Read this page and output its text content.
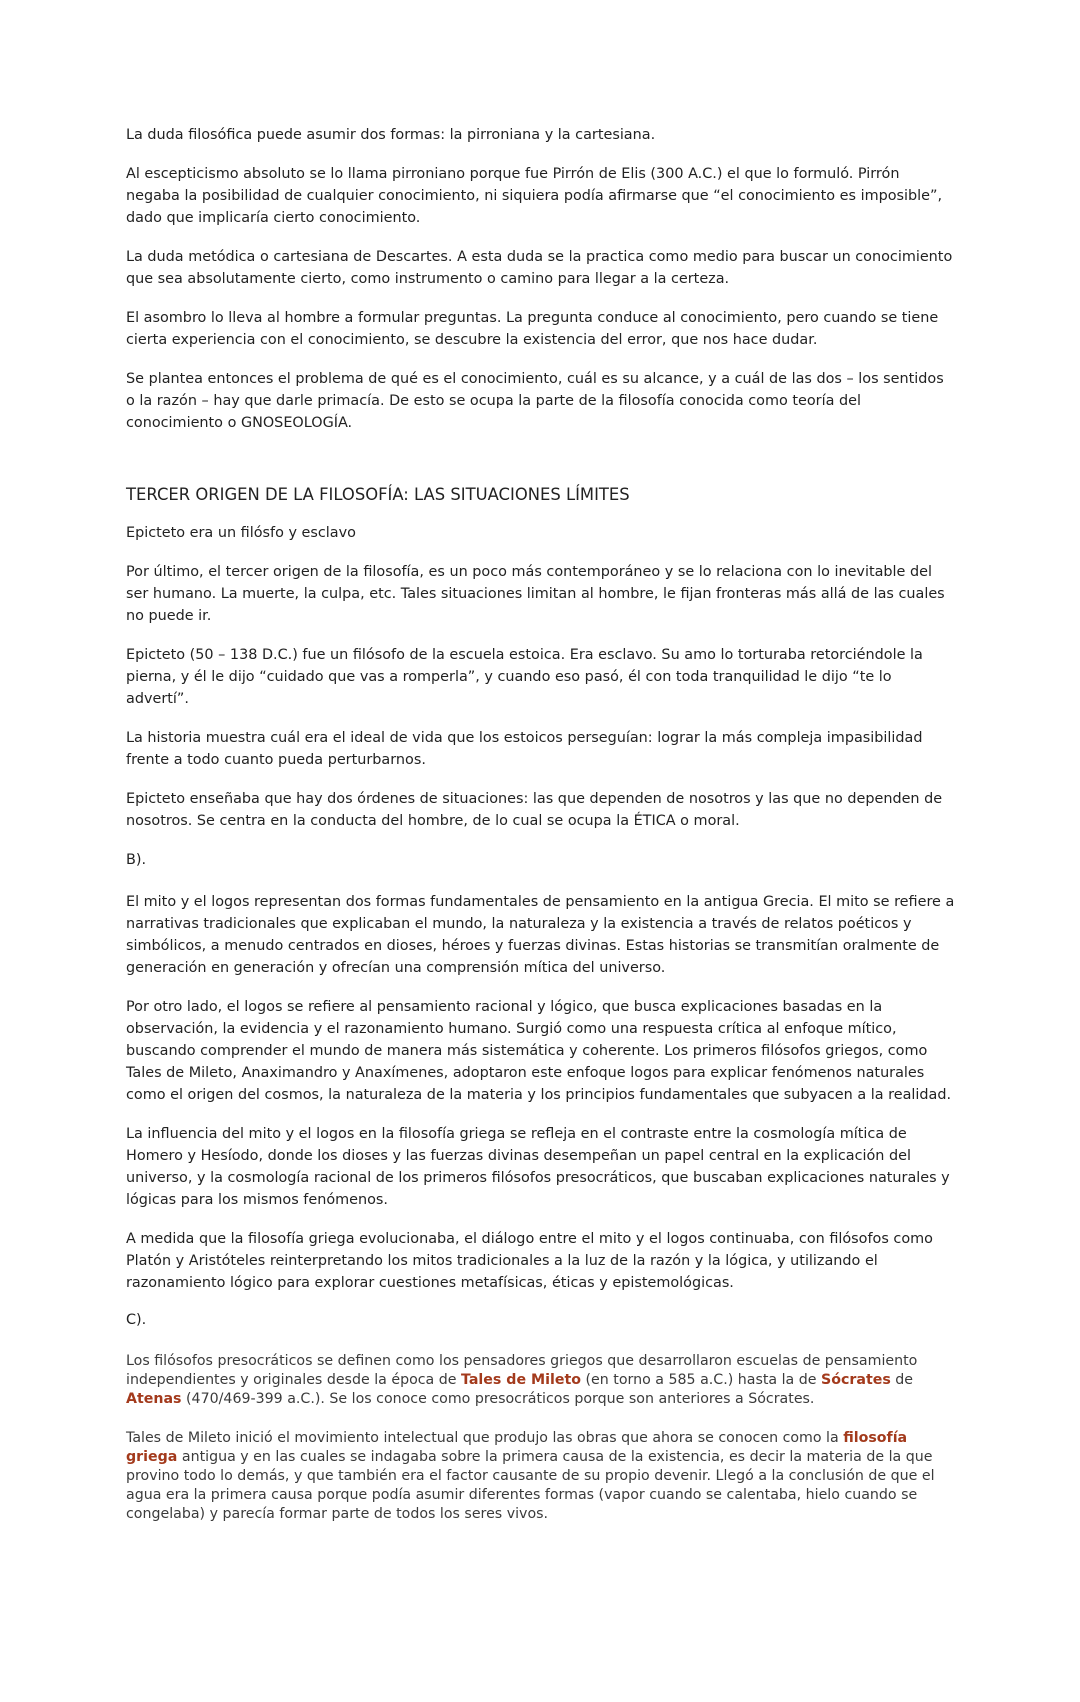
La duda filosófica puede asumir dos formas: la pirroniana y la cartesiana.

Al escepticismo absoluto se lo llama pirroniano porque fue Pirrón de Elis (300 A.C.) el que lo formuló. Pirrón negaba la posibilidad de cualquier conocimiento, ni siquiera podía afirmarse que “el conocimiento es imposible”, dado que implicaría cierto conocimiento.

La duda metódica o cartesiana de Descartes. A esta duda se la practica como medio para buscar un conocimiento que sea absolutamente cierto, como instrumento o camino para llegar a la certeza.

El asombro lo lleva al hombre a formular preguntas. La pregunta conduce al conocimiento, pero cuando se tiene cierta experiencia con el conocimiento, se descubre la existencia del error, que nos hace dudar.

Se plantea entonces el problema de qué es el conocimiento, cuál es su alcance, y a cuál de las dos – los sentidos o la razón – hay que darle primacía. De esto se ocupa la parte de la filosofía conocida como teoría del conocimiento o GNOSEOLOGÍA.

TERCER ORIGEN DE LA FILOSOFÍA: LAS SITUACIONES LÍMITES

Epicteto era un filósfo y esclavo

Por último, el tercer origen de la filosofía, es un poco más contemporáneo y se lo relaciona con lo inevitable del ser humano. La muerte, la culpa, etc. Tales situaciones limitan al hombre, le fijan fronteras más allá de las cuales no puede ir.

Epicteto (50 – 138 D.C.) fue un filósofo de la escuela estoica. Era esclavo. Su amo lo torturaba retorciéndole la pierna, y él le dijo “cuidado que vas a romperla”, y cuando eso pasó, él con toda tranquilidad le dijo “te lo advertí”.

La historia muestra cuál era el ideal de vida que los estoicos perseguían: lograr la más compleja impasibilidad frente a todo cuanto pueda perturbarnos.

Epicteto enseñaba que hay dos órdenes de situaciones: las que dependen de nosotros y las que no dependen de nosotros. Se centra en la conducta del hombre, de lo cual se ocupa la ÉTICA o moral.

B).

El mito y el logos representan dos formas fundamentales de pensamiento en la antigua Grecia. El mito se refiere a narrativas tradicionales que explicaban el mundo, la naturaleza y la existencia a través de relatos poéticos y simbólicos, a menudo centrados en dioses, héroes y fuerzas divinas. Estas historias se transmitían oralmente de generación en generación y ofrecían una comprensión mítica del universo.

Por otro lado, el logos se refiere al pensamiento racional y lógico, que busca explicaciones basadas en la observación, la evidencia y el razonamiento humano. Surgió como una respuesta crítica al enfoque mítico, buscando comprender el mundo de manera más sistemática y coherente. Los primeros filósofos griegos, como Tales de Mileto, Anaximandro y Anaxímenes, adoptaron este enfoque logos para explicar fenómenos naturales como el origen del cosmos, la naturaleza de la materia y los principios fundamentales que subyacen a la realidad.

La influencia del mito y el logos en la filosofía griega se refleja en el contraste entre la cosmología mítica de Homero y Hesíodo, donde los dioses y las fuerzas divinas desempeñan un papel central en la explicación del universo, y la cosmología racional de los primeros filósofos presocráticos, que buscaban explicaciones naturales y lógicas para los mismos fenómenos.

A medida que la filosofía griega evolucionaba, el diálogo entre el mito y el logos continuaba, con filósofos como Platón y Aristóteles reinterpretando los mitos tradicionales a la luz de la razón y la lógica, y utilizando el razonamiento lógico para explorar cuestiones metafísicas, éticas y epistemológicas.

C).

Los filósofos presocráticos se definen como los pensadores griegos que desarrollaron escuelas de pensamiento independientes y originales desde la época de Tales de Mileto (en torno a 585 a.C.) hasta la de Sócrates de Atenas (470/469-399 a.C.). Se los conoce como presocráticos porque son anteriores a Sócrates.

Tales de Mileto inició el movimiento intelectual que produjo las obras que ahora se conocen como la filosofía griega antigua y en las cuales se indagaba sobre la primera causa de la existencia, es decir la materia de la que provino todo lo demás, y que también era el factor causante de su propio devenir. Llegó a la conclusión de que el agua era la primera causa porque podía asumir diferentes formas (vapor cuando se calentaba, hielo cuando se congelaba) y parecía formar parte de todos los seres vivos.
